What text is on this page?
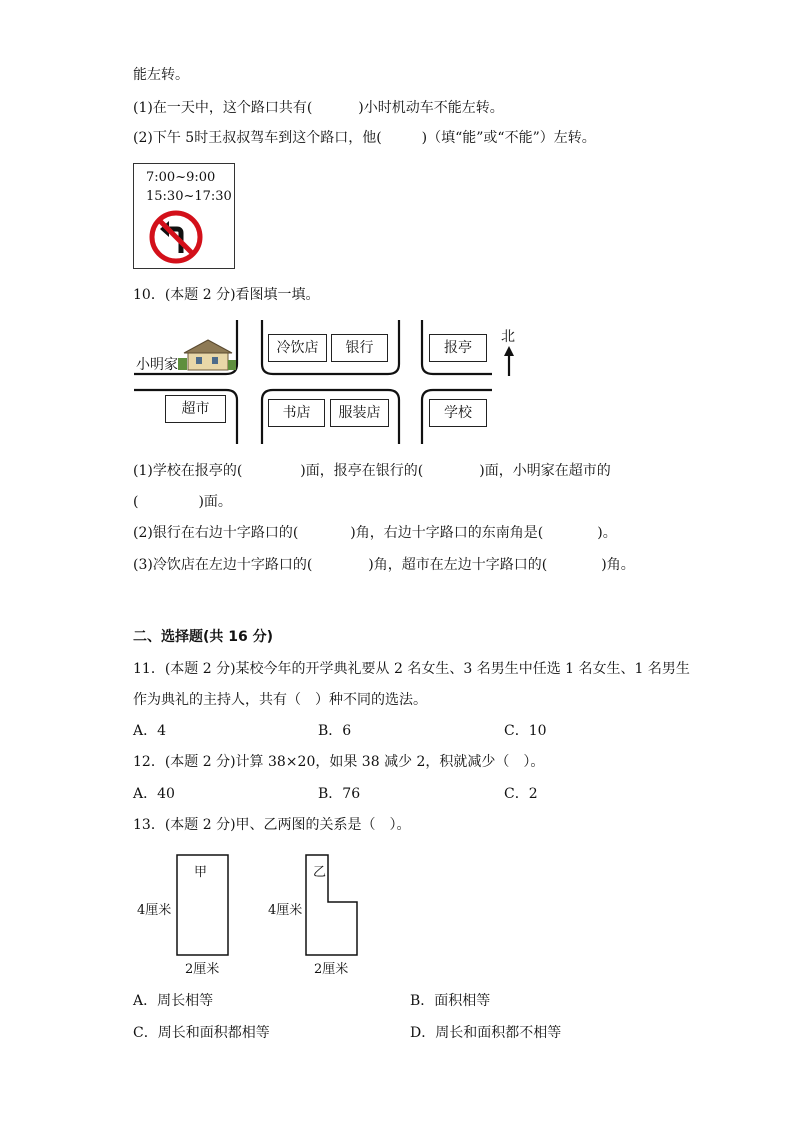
能左转。
(1)在一天中，这个路口共有(	)小时机动车不能左转。
(2)下午 5时王叔叔驾车到这个路口，他(	)（填“能”或“不能”）左转。
7:00~9:00
15:30~17:30
10．(本题 2 分)看图填一填。
小明家
北
冷饮店	银行	报亭
超市	书店	服装店	学校
(1)学校在报亭的(	)面，报亭在银行的(	)面，小明家在超市的
(	)面。
(2)银行在右边十字路口的(	)角，右边十字路口的东南角是(	)。
(3)冷饮店在左边十字路口的(	)角，超市在左边十字路口的(	)角。
二、选择题(共 16 分)
11．(本题 2 分)某校今年的开学典礼要从 2 名女生、3 名男生中任选 1 名女生、1 名男生
作为典礼的主持人，共有（　）种不同的选法。
A．4	B．6	C．10
12．(本题 2 分)计算 38×20，如果 38 减少 2，积就减少（　）。
A．40	B．76	C．2
13．(本题 2 分)甲、乙两图的关系是（　）。
甲	乙
4厘米	4厘米
2厘米	2厘米
A．周长相等	B．面积相等
C．周长和面积都相等	D．周长和面积都不相等
